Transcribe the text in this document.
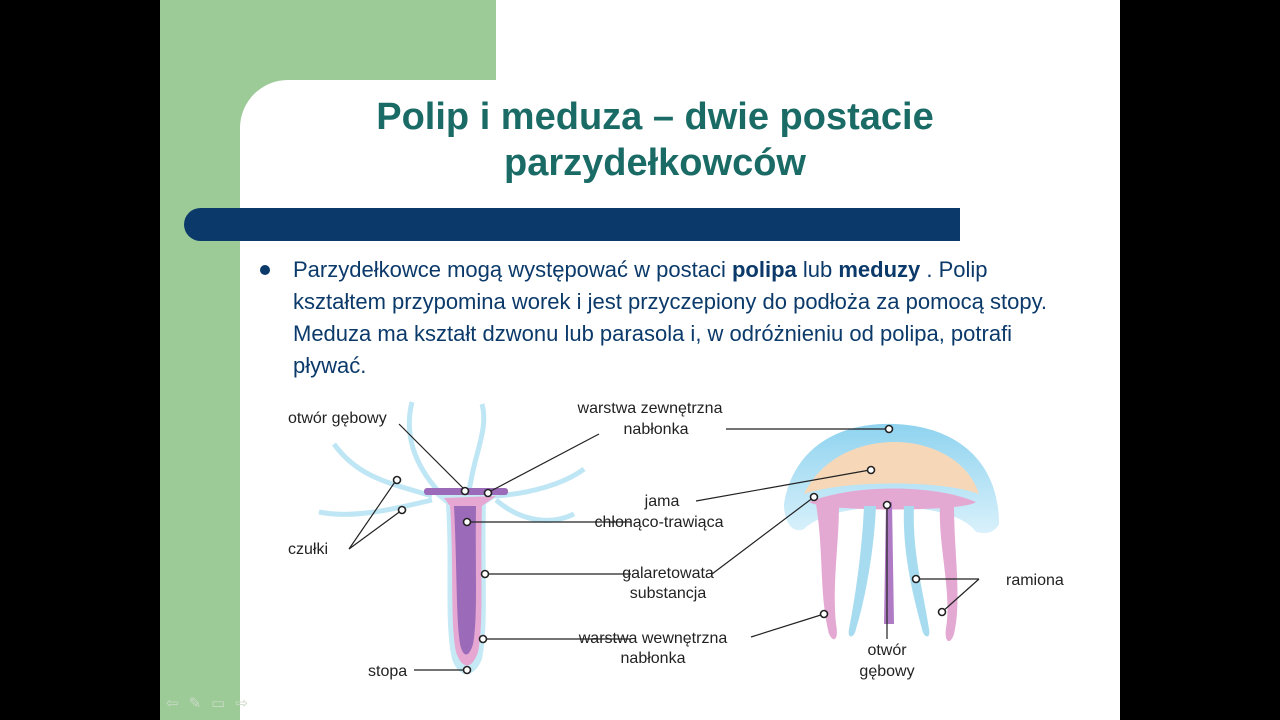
Polip i meduza – dwie postacie
parzydełkowców

Parzydełkowce mogą występować w postaci polipa lub meduzy . Polip kształtem przypomina worek i jest przyczepiony do podłoża za pomocą stopy. Meduza ma kształt dzwonu lub parasola i, w odróżnieniu od polipa, potrafi pływać.

otwór gębowy
czułki
stopa
warstwa zewnętrzna
nabłonka
jama
chłonąco-trawiąca
galaretowata
substancja
warstwa wewnętrzna
nabłonka
ramiona
otwór
gębowy
⇦ ✎ ▭ ⇨
